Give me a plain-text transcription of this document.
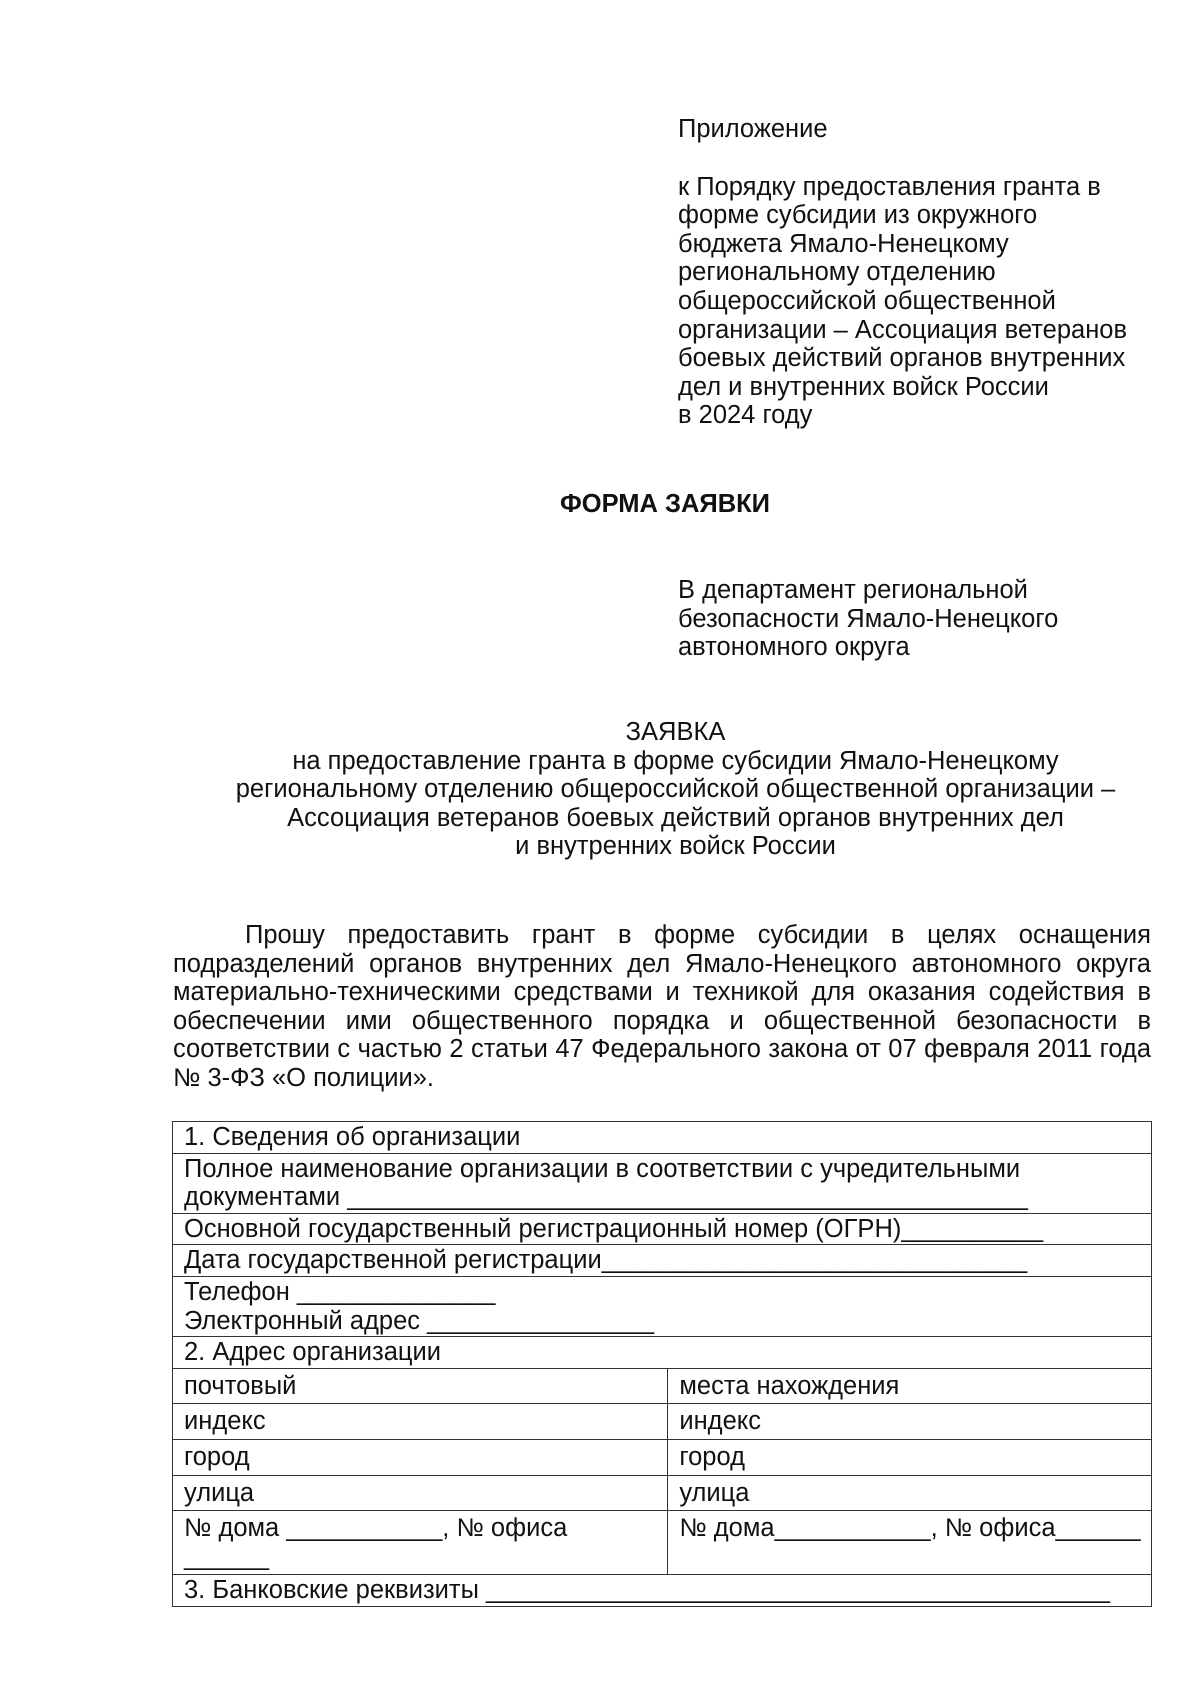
Приложение

к Порядку предоставления гранта в

форме субсидии из окружного

бюджета Ямало-Ненецкому

региональному отделению

общероссийской общественной

организации – Ассоциация ветеранов

боевых действий органов внутренних

дел и внутренних войск России

в 2024 году

ФОРМА ЗАЯВКИ
В департамент региональной
безопасности Ямало-Ненецкого
автономного округа
ЗАЯВКА
на предоставление гранта в форме субсидии Ямало-Ненецкому
региональному отделению общероссийской общественной организации –
Ассоциация ветеранов боевых действий органов внутренних дел
и внутренних войск России
Прошу предоставить грант в форме субсидии в целях оснащения подразделений органов внутренних дел Ямало-Ненецкого автономного округа материально-техническими средствами и техникой для оказания содействия в обеспечении ими общественного порядка и общественной безопасности в соответствии с частью 2 статьи 47 Федерального закона от 07 февраля 2011 года № 3-ФЗ «О полиции».
1. Сведения об организации	
Полное наименование организации в соответствии с учредительными документами ________________________________________________	
Основной государственный регистрационный номер (ОГРН)__________	
Дата государственной регистрации______________________________	

Телефон ______________
Электронный адрес ________________	

2. Адрес организации	
почтовый	места нахождения
индекс	индекс
город	город
улица	улица
№ дома ___________, № офиса ______	№ дома___________, № офиса______
3. Банковские реквизиты ____________________________________________	
